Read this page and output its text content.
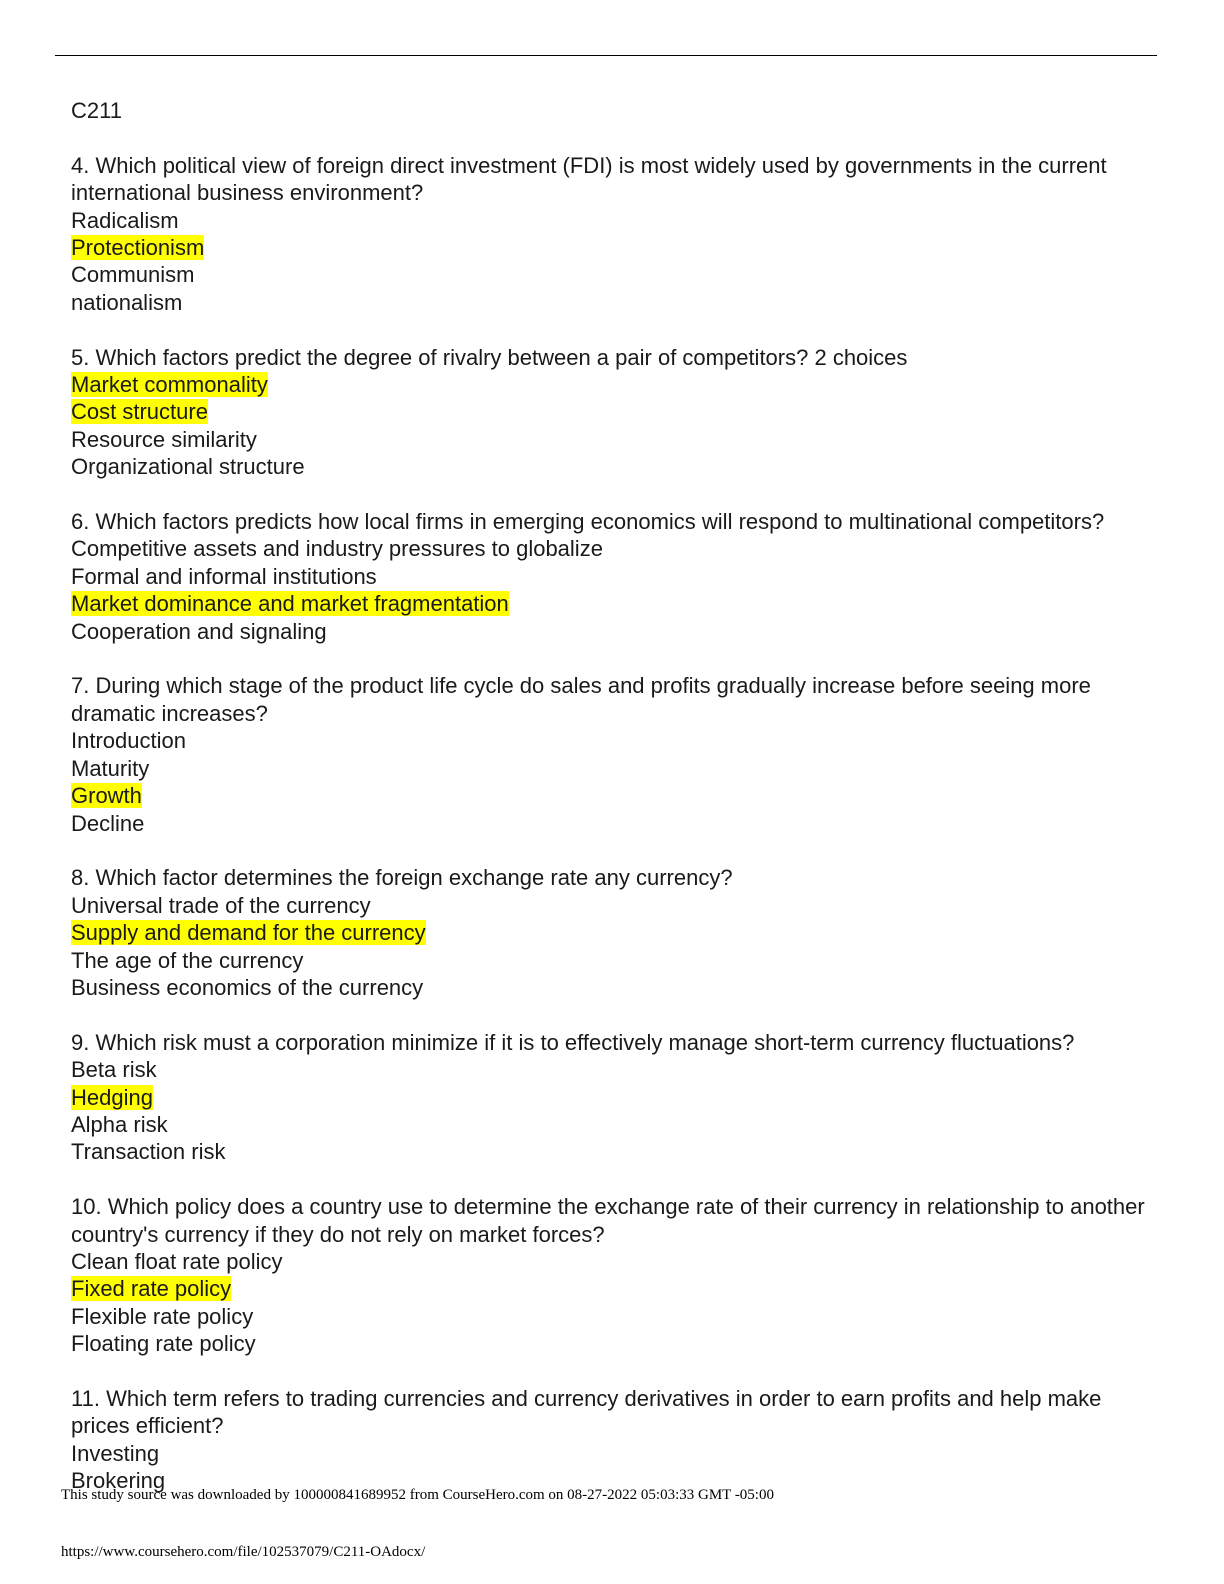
C211
4. Which political view of foreign direct investment (FDI) is most widely used by governments in the current international business environment?
Radicalism
Protectionism
Communism
nationalism
5. Which factors predict the degree of rivalry between a pair of competitors? 2 choices
Market commonality
Cost structure
Resource similarity
Organizational structure
6. Which factors predicts how local firms in emerging economics will respond to multinational competitors?
Competitive assets and industry pressures to globalize
Formal and informal institutions
Market dominance and market fragmentation
Cooperation and signaling
7. During which stage of the product life cycle do sales and profits gradually increase before seeing more dramatic increases?
Introduction
Maturity
Growth
Decline
8. Which factor determines the foreign exchange rate any currency?
Universal trade of the currency
Supply and demand for the currency
The age of the currency
Business economics of the currency
9. Which risk must a corporation minimize if it is to effectively manage short-term currency fluctuations?
Beta risk
Hedging
Alpha risk
Transaction risk
10. Which policy does a country use to determine the exchange rate of their currency in relationship to another country's currency if they do not rely on market forces?
Clean float rate policy
Fixed rate policy
Flexible rate policy
Floating rate policy
11. Which term refers to trading currencies and currency derivatives in order to earn profits and help make prices efficient?
Investing
Brokering
This study source was downloaded by 100000841689952 from CourseHero.com on 08-27-2022 05:03:33 GMT -05:00
https://www.coursehero.com/file/102537079/C211-OAdocx/
